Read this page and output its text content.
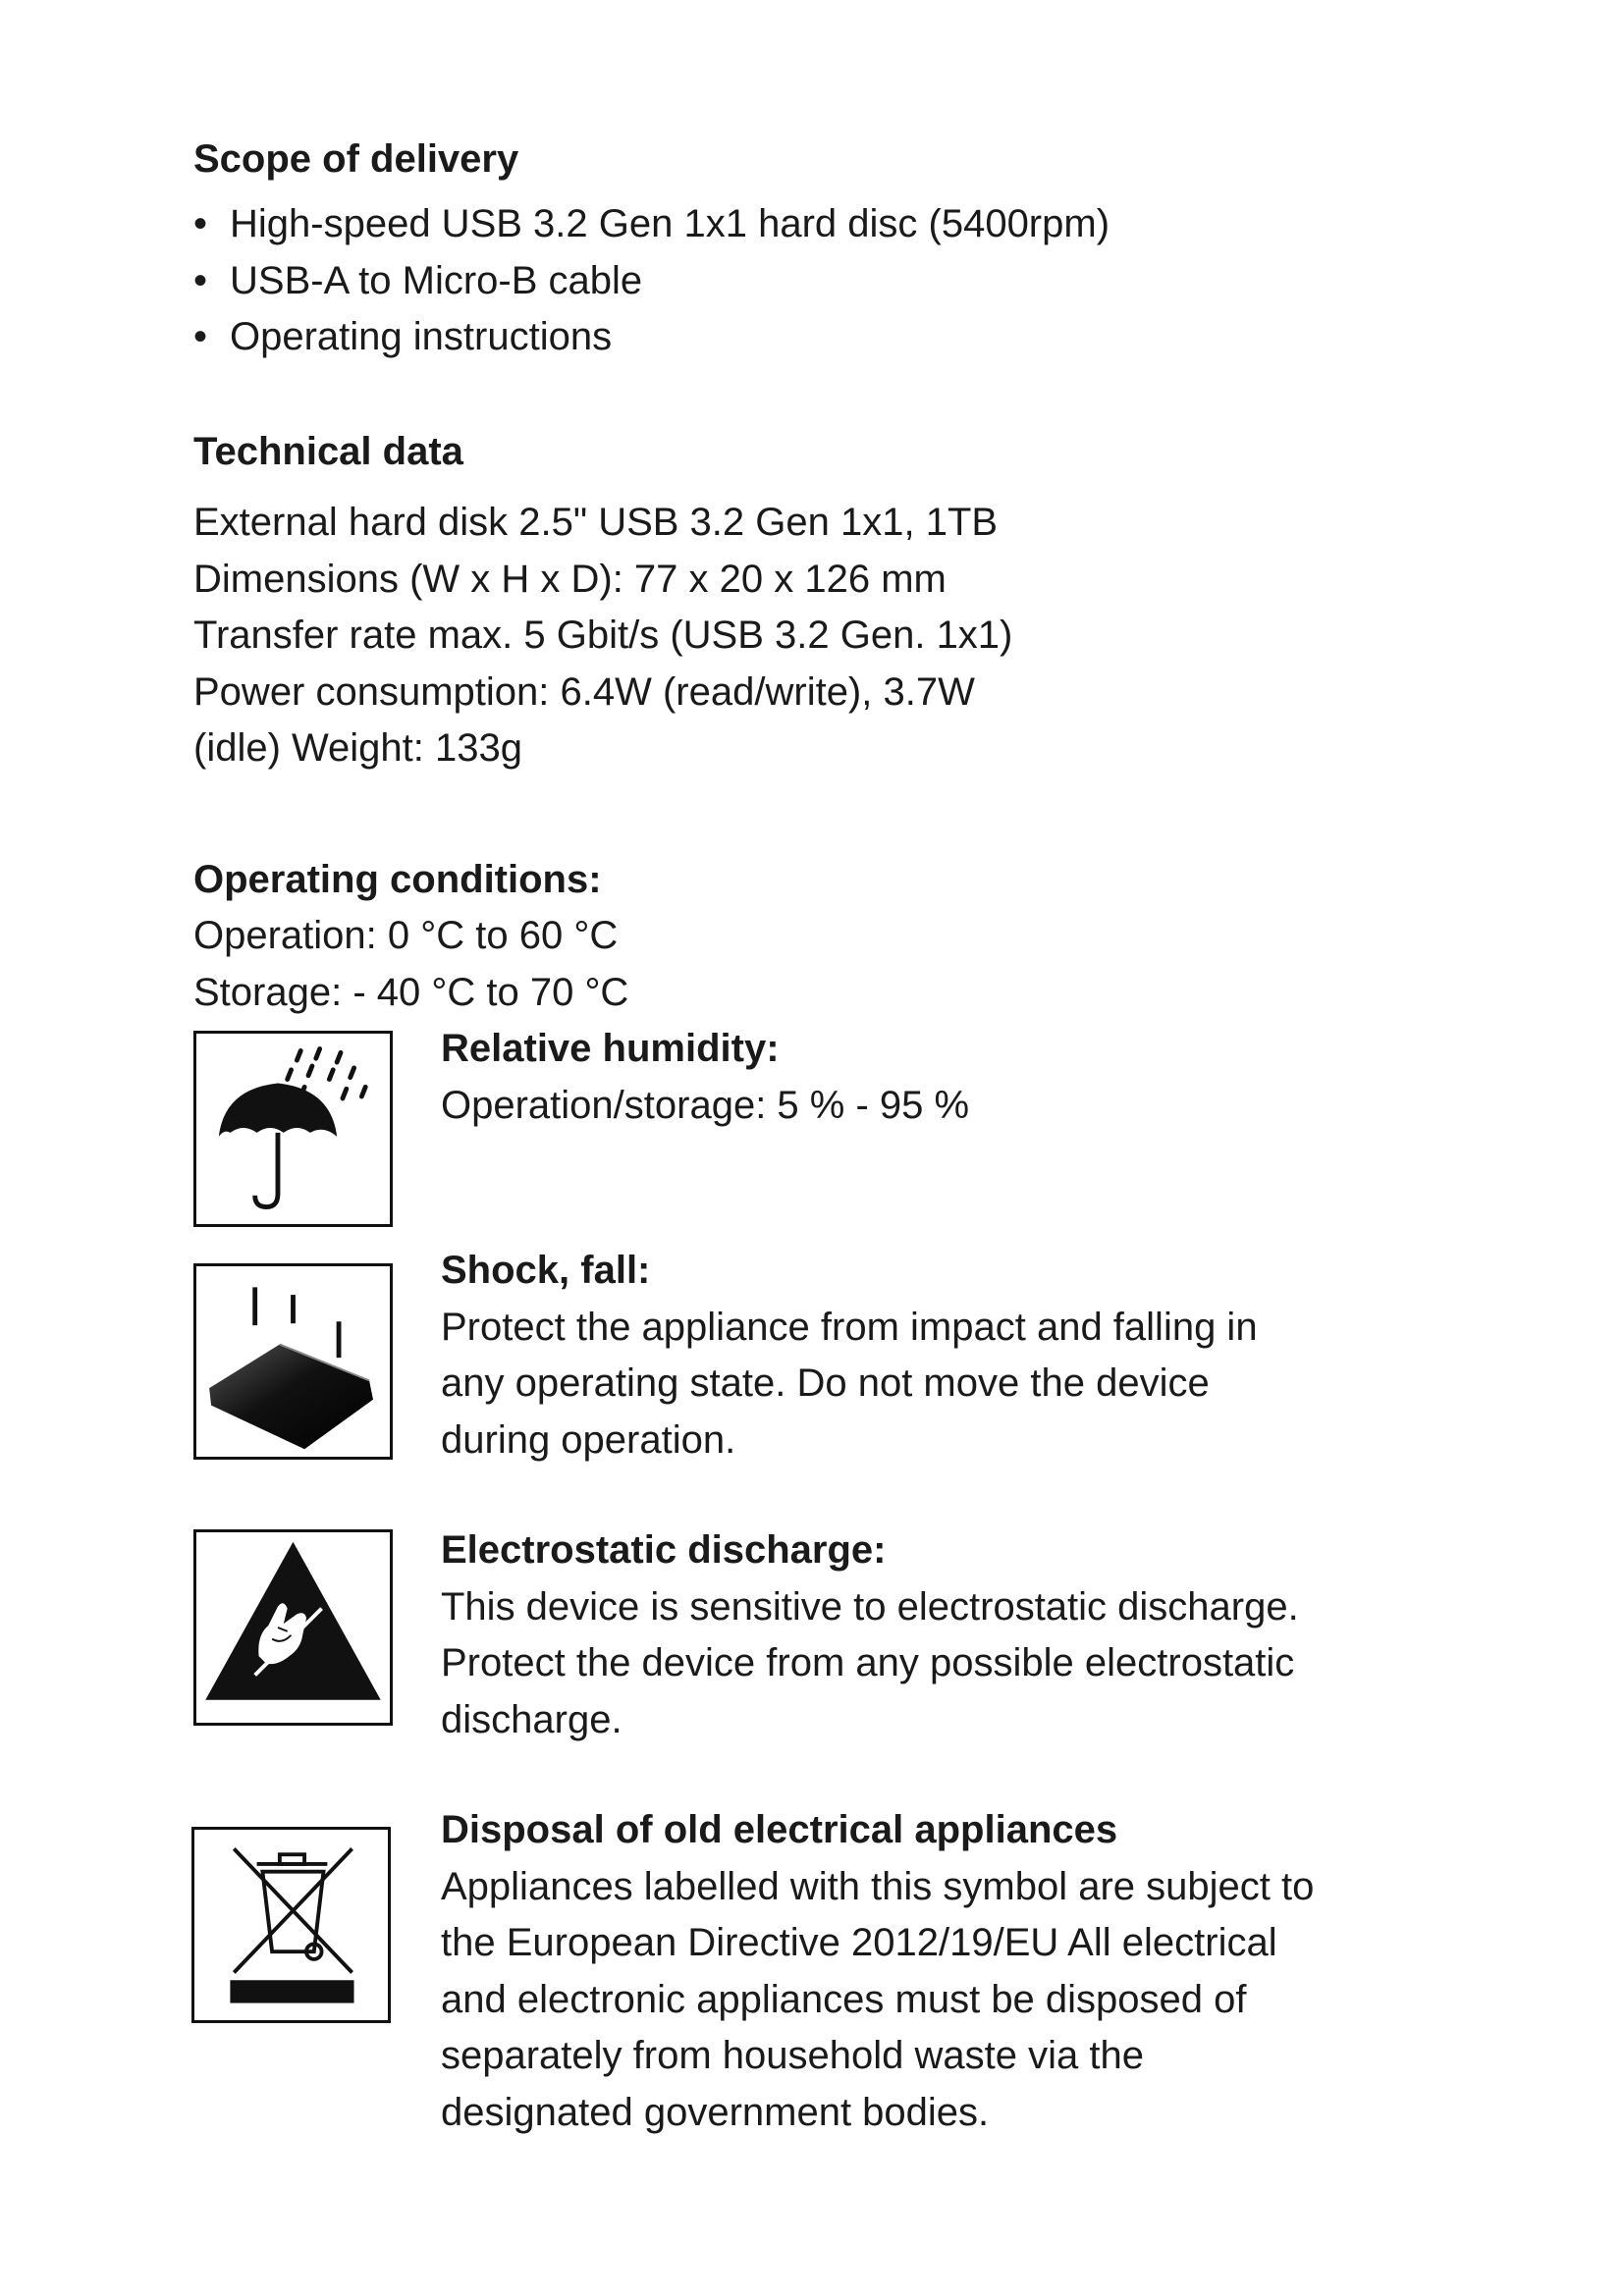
Scope of delivery
• High-speed USB 3.2 Gen 1x1 hard disc (5400rpm)
• USB-A to Micro-B cable
• Operating instructions
Technical data
External hard disk 2.5" USB 3.2 Gen 1x1, 1TB
Dimensions (W x H x D): 77 x 20 x 126 mm
Transfer rate max. 5 Gbit/s (USB 3.2 Gen. 1x1)
Power consumption: 6.4W (read/write), 3.7W
(idle) Weight: 133g
Operating conditions:
Operation: 0 °C to 60 °C
Storage: - 40 °C to 70 °C
Relative humidity:
Operation/storage: 5 % - 95 %
Shock, fall:
Protect the appliance from impact and falling in
any operating state. Do not move the device
during operation.
Electrostatic discharge:
This device is sensitive to electrostatic discharge.
Protect the device from any possible electrostatic
discharge.
Disposal of old electrical appliances
Appliances labelled with this symbol are subject to
the European Directive 2012/19/EU All electrical
and electronic appliances must be disposed of
separately from household waste via the
designated government bodies.
